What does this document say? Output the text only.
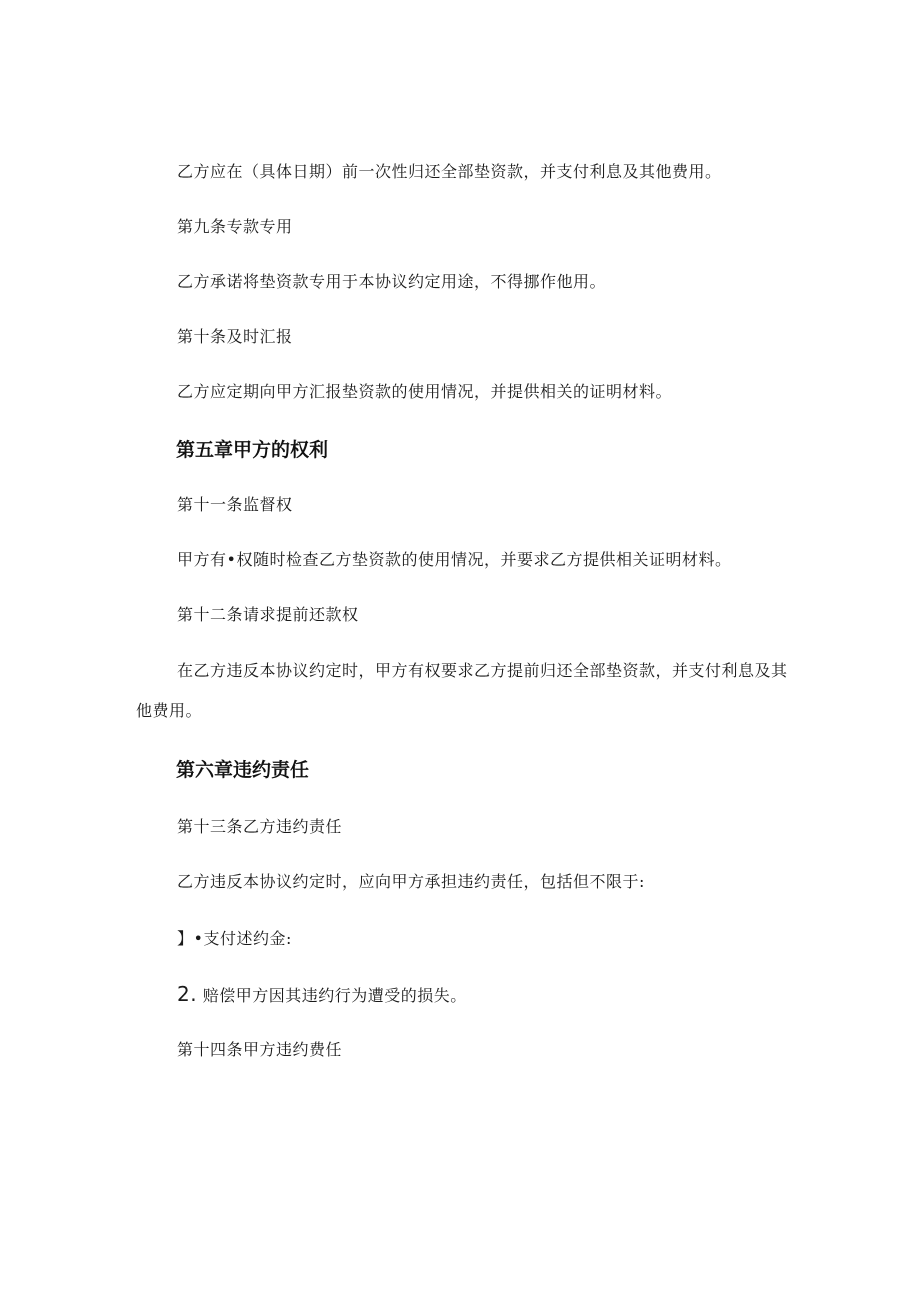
乙方应在（具体日期）前一次性归还全部垫资款，并支付利息及其他费用。
第九条专款专用
乙方承诺将垫资款专用于本协议约定用途，不得挪作他用。
第十条及时汇报
乙方应定期向甲方汇报垫资款的使用情况，并提供相关的证明材料。
第五章甲方的权利
第十一条监督权
甲方有•权随时检查乙方垫资款的使用情况，并要求乙方提供相关证明材料。
第十二条请求提前还款权
在乙方违反本协议约定时，甲方有权要求乙方提前归还全部垫资款，并支付利息及其他费用。
第六章违约责任
第十三条乙方违约责任
乙方违反本协议约定时，应向甲方承担违约责任，包括但不限于:
】•支付述约金:
2. 赔偿甲方因其违约行为遭受的损失。
第十四条甲方违约费任
